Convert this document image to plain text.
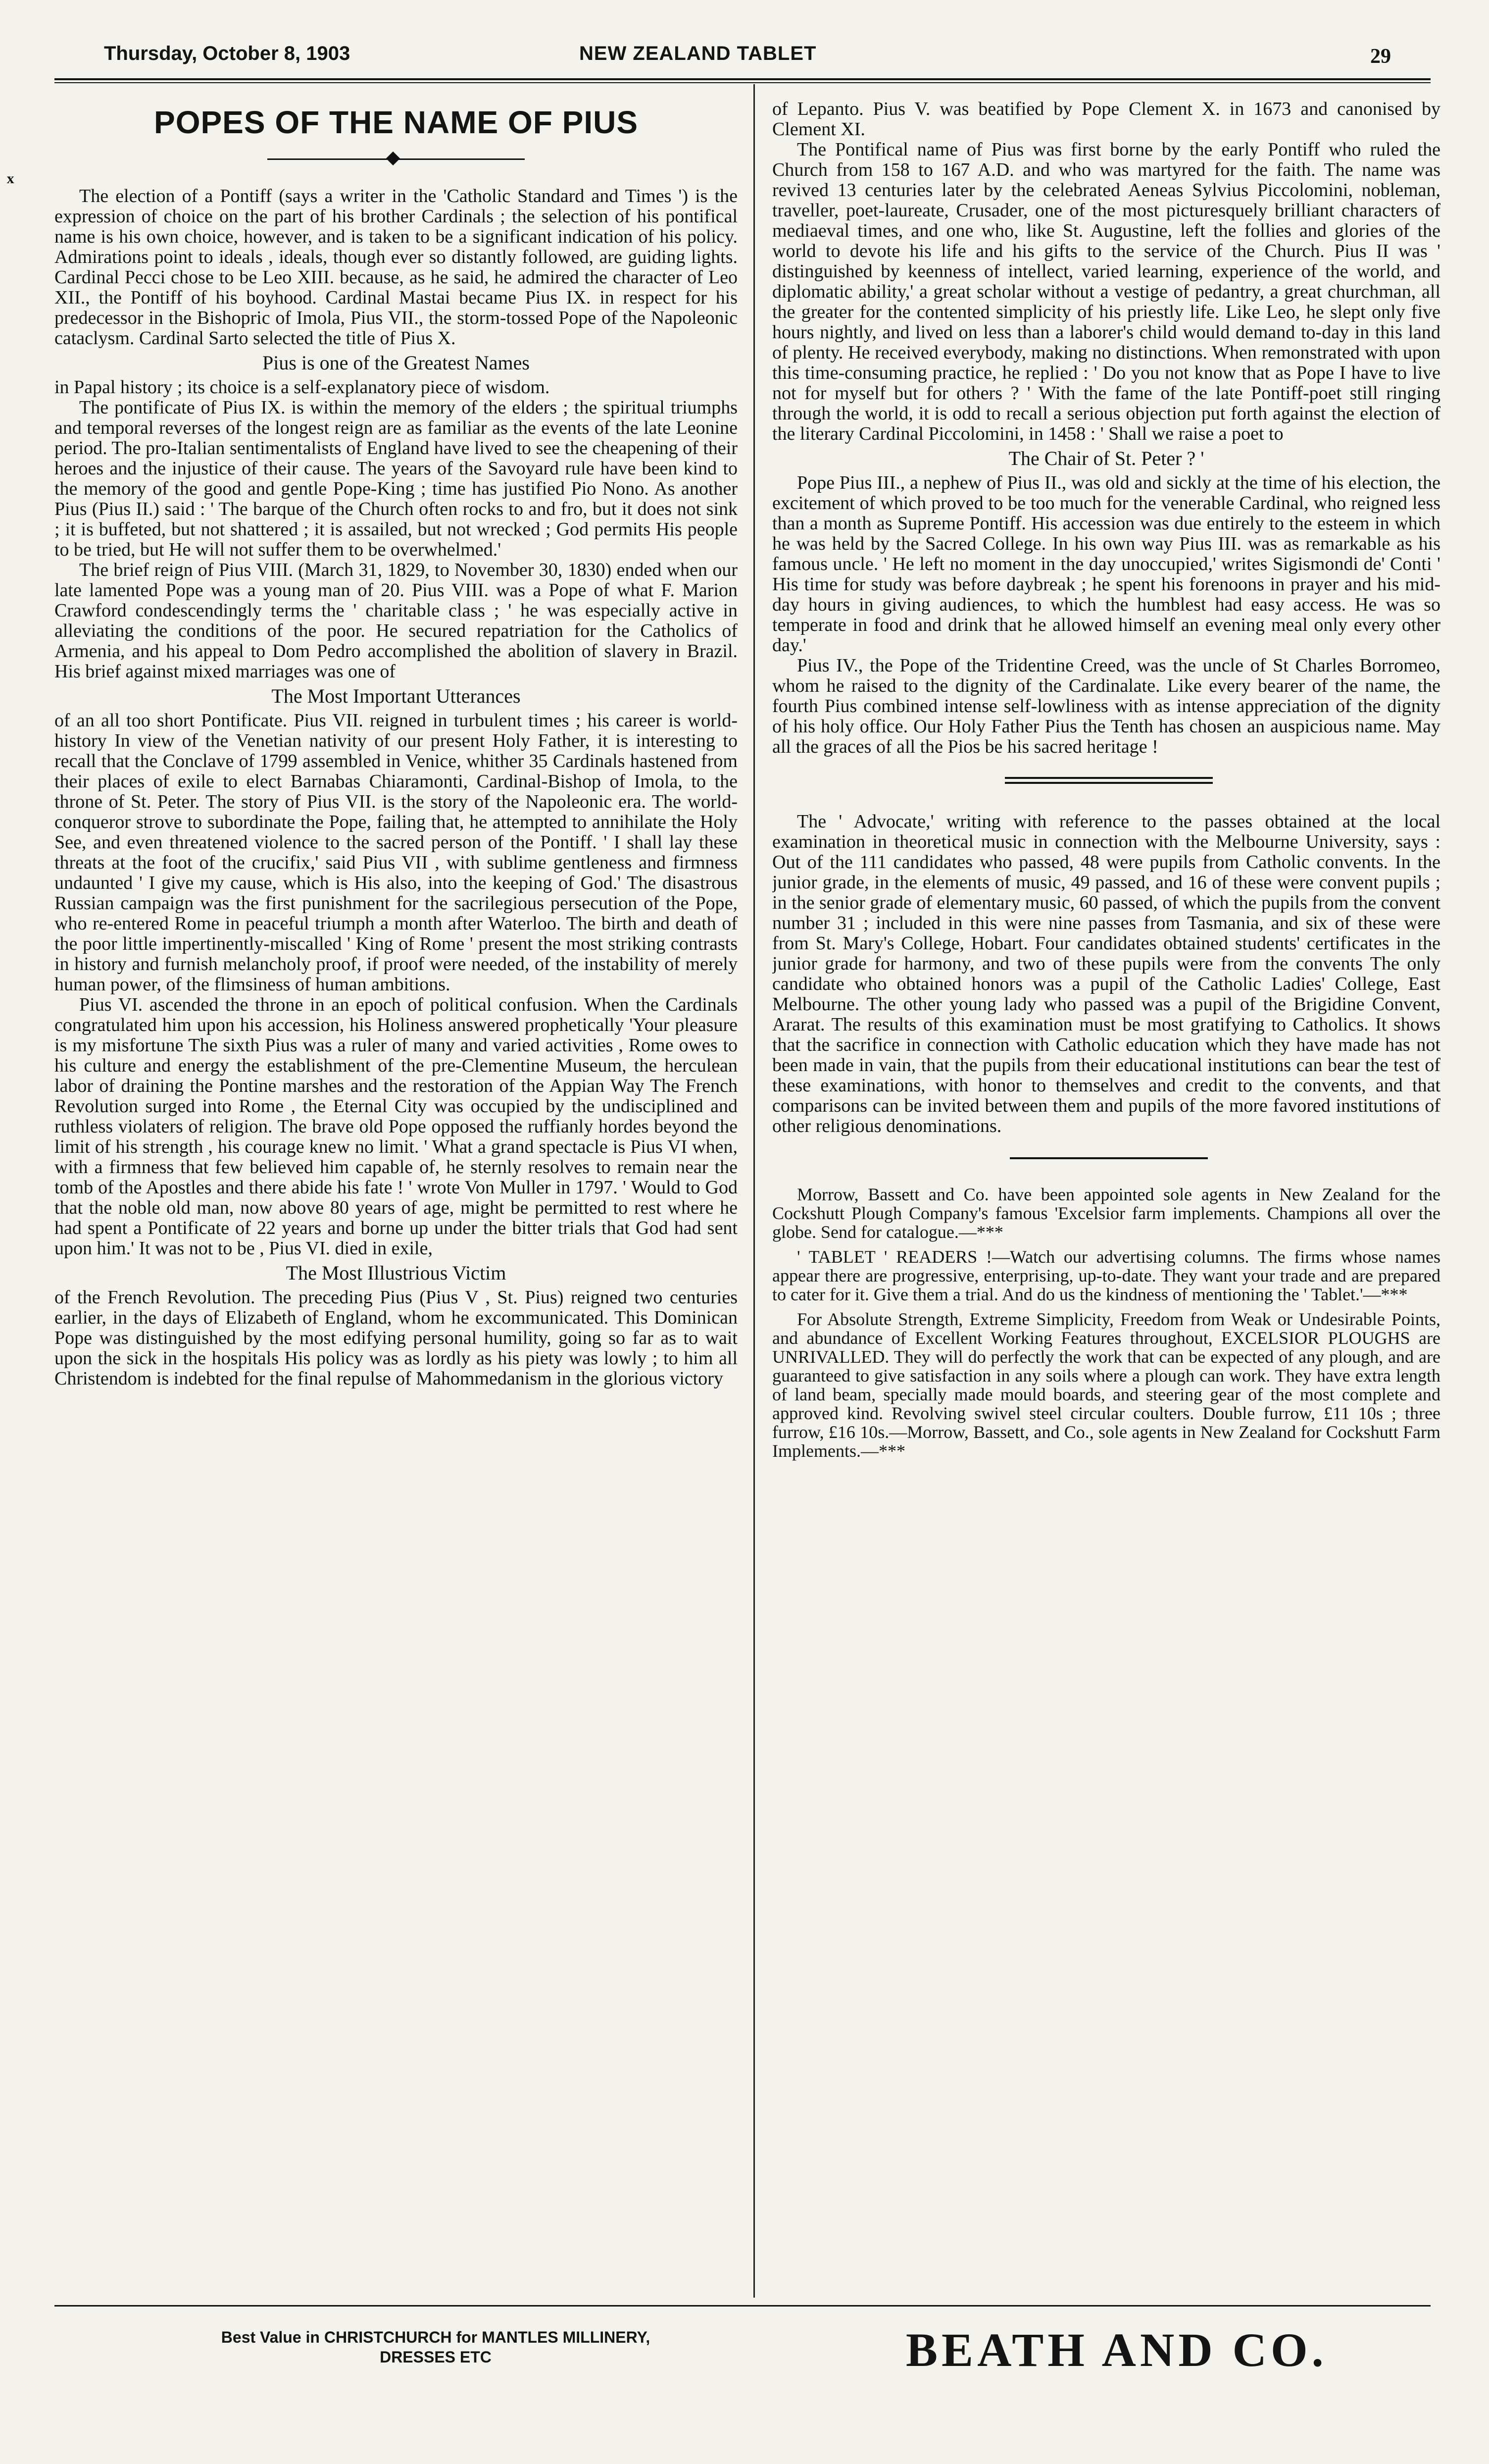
Thursday, October 8, 1903	NEW ZEALAND TABLET	29
ˣ
POPES OF THE NAME OF PIUS

The election of a Pontiff (says a writer in the 'Catholic Standard and Times ') is the expression of choice on the part of his brother Cardinals ; the selection of his pontifical name is his own choice, however, and is taken to be a significant indication of his policy. Admirations point to ideals , ideals, though ever so distantly followed, are guiding lights. Cardinal Pecci chose to be Leo XIII. because, as he said, he admired the character of Leo XII., the Pontiff of his boyhood. Cardinal Mastai became Pius IX. in respect for his predecessor in the Bishopric of Imola, Pius VII., the storm-tossed Pope of the Napoleonic cataclysm. Cardinal Sarto selected the title of Pius X.

Pius is one of the Greatest Names

in Papal history ; its choice is a self-explanatory piece of wisdom.

The pontificate of Pius IX. is within the memory of the elders ; the spiritual triumphs and temporal reverses of the longest reign are as familiar as the events of the late Leonine period. The pro-Italian sentimentalists of England have lived to see the cheapening of their heroes and the injustice of their cause. The years of the Savoyard rule have been kind to the memory of the good and gentle Pope-King ; time has justified Pio Nono. As another Pius (Pius II.) said : ' The barque of the Church often rocks to and fro, but it does not sink ; it is buffeted, but not shattered ; it is assailed, but not wrecked ; God permits His people to be tried, but He will not suffer them to be overwhelmed.'

The brief reign of Pius VIII. (March 31, 1829, to November 30, 1830) ended when our late lamented Pope was a young man of 20. Pius VIII. was a Pope of what F. Marion Crawford condescendingly terms the ' charitable class ; ' he was especially active in alleviating the conditions of the poor. He secured repatriation for the Catholics of Armenia, and his appeal to Dom Pedro accomplished the abolition of slavery in Brazil. His brief against mixed marriages was one of

The Most Important Utterances

of an all too short Pontificate. Pius VII. reigned in turbulent times ; his career is world-history In view of the Venetian nativity of our present Holy Father, it is interesting to recall that the Conclave of 1799 assembled in Venice, whither 35 Cardinals hastened from their places of exile to elect Barnabas Chiaramonti, Cardinal-Bishop of Imola, to the throne of St. Peter. The story of Pius VII. is the story of the Napoleonic era. The world-conqueror strove to subordinate the Pope, failing that, he attempted to annihilate the Holy See, and even threatened violence to the sacred person of the Pontiff. ' I shall lay these threats at the foot of the crucifix,' said Pius VII , with sublime gentleness and firmness undaunted ' I give my cause, which is His also, into the keeping of God.' The disastrous Russian campaign was the first punishment for the sacrilegious persecution of the Pope, who re-entered Rome in peaceful triumph a month after Waterloo. The birth and death of the poor little impertinently-miscalled ' King of Rome ' present the most striking contrasts in history and furnish melancholy proof, if proof were needed, of the instability of merely human power, of the flimsiness of human ambitions.

Pius VI. ascended the throne in an epoch of political confusion. When the Cardinals congratulated him upon his accession, his Holiness answered prophetically 'Your pleasure is my misfortune The sixth Pius was a ruler of many and varied activities , Rome owes to his culture and energy the establishment of the pre-Clementine Museum, the herculean labor of draining the Pontine marshes and the restoration of the Appian Way The French Revolution surged into Rome , the Eternal City was occupied by the undisciplined and ruthless violaters of religion. The brave old Pope opposed the ruffianly hordes beyond the limit of his strength , his courage knew no limit. ' What a grand spectacle is Pius VI when, with a firmness that few believed him capable of, he sternly resolves to remain near the tomb of the Apostles and there abide his fate ! ' wrote Von Muller in 1797. ' Would to God that the noble old man, now above 80 years of age, might be permitted to rest where he had spent a Pontificate of 22 years and borne up under the bitter trials that God had sent upon him.' It was not to be , Pius VI. died in exile,

The Most Illustrious Victim

of the French Revolution. The preceding Pius (Pius V , St. Pius) reigned two centuries earlier, in the days of Elizabeth of England, whom he excommunicated. This Dominican Pope was distinguished by the most edifying personal humility, going so far as to wait upon the sick in the hospitals His policy was as lordly as his piety was lowly ; to him all Christendom is indebted for the final repulse of Mahommedanism in the glorious victory

of Lepanto. Pius V. was beatified by Pope Clement X. in 1673 and canonised by Clement XI.

The Pontifical name of Pius was first borne by the early Pontiff who ruled the Church from 158 to 167 A.D. and who was martyred for the faith. The name was revived 13 centuries later by the celebrated Aeneas Sylvius Piccolomini, nobleman, traveller, poet-laureate, Crusader, one of the most picturesquely brilliant characters of mediaeval times, and one who, like St. Augustine, left the follies and glories of the world to devote his life and his gifts to the service of the Church. Pius II was ' distinguished by keenness of intellect, varied learning, experience of the world, and diplomatic ability,' a great scholar without a vestige of pedantry, a great churchman, all the greater for the contented simplicity of his priestly life. Like Leo, he slept only five hours nightly, and lived on less than a laborer's child would demand to-day in this land of plenty. He received everybody, making no distinctions. When remonstrated with upon this time-consuming practice, he replied : ' Do you not know that as Pope I have to live not for myself but for others ? ' With the fame of the late Pontiff-poet still ringing through the world, it is odd to recall a serious objection put forth against the election of the literary Cardinal Piccolomini, in 1458 : ' Shall we raise a poet to

The Chair of St. Peter ? '

Pope Pius III., a nephew of Pius II., was old and sickly at the time of his election, the excitement of which proved to be too much for the venerable Cardinal, who reigned less than a month as Supreme Pontiff. His accession was due entirely to the esteem in which he was held by the Sacred College. In his own way Pius III. was as remarkable as his famous uncle. ' He left no moment in the day unoccupied,' writes Sigismondi de' Conti ' His time for study was before daybreak ; he spent his forenoons in prayer and his mid-day hours in giving audiences, to which the humblest had easy access. He was so temperate in food and drink that he allowed himself an evening meal only every other day.'

Pius IV., the Pope of the Tridentine Creed, was the uncle of St Charles Borromeo, whom he raised to the dignity of the Cardinalate. Like every bearer of the name, the fourth Pius combined intense self-lowliness with as intense appreciation of the dignity of his holy office. Our Holy Father Pius the Tenth has chosen an auspicious name. May all the graces of all the Pios be his sacred heritage !

The ' Advocate,' writing with reference to the passes obtained at the local examination in theoretical music in connection with the Melbourne University, says : Out of the 111 candidates who passed, 48 were pupils from Catholic convents. In the junior grade, in the elements of music, 49 passed, and 16 of these were convent pupils ; in the senior grade of elementary music, 60 passed, of which the pupils from the convent number 31 ; included in this were nine passes from Tasmania, and six of these were from St. Mary's College, Hobart. Four candidates obtained students' certificates in the junior grade for harmony, and two of these pupils were from the convents The only candidate who obtained honors was a pupil of the Catholic Ladies' College, East Melbourne. The other young lady who passed was a pupil of the Brigidine Convent, Ararat. The results of this examination must be most gratifying to Catholics. It shows that the sacrifice in connection with Catholic education which they have made has not been made in vain, that the pupils from their educational institutions can bear the test of these examinations, with honor to themselves and credit to the convents, and that comparisons can be invited between them and pupils of the more favored institutions of other religious denominations.

Morrow, Bassett and Co. have been appointed sole agents in New Zealand for the Cockshutt Plough Company's famous 'Excelsior farm implements. Champions all over the globe. Send for catalogue.—***

' TABLET ' READERS !—Watch our advertising columns. The firms whose names appear there are progressive, enterprising, up-to-date. They want your trade and are prepared to cater for it. Give them a trial. And do us the kindness of mentioning the ' Tablet.'—***

For Absolute Strength, Extreme Simplicity, Freedom from Weak or Undesirable Points, and abundance of Excellent Working Features throughout, EXCELSIOR PLOUGHS are UNRIVALLED. They will do perfectly the work that can be expected of any plough, and are guaranteed to give satisfaction in any soils where a plough can work. They have extra length of land beam, specially made mould boards, and steering gear of the most complete and approved kind. Revolving swivel steel circular coulters. Double furrow, £11 10s ; three furrow, £16 10s.—Morrow, Bassett, and Co., sole agents in New Zealand for Cockshutt Farm Implements.—***

Best Value in CHRISTCHURCH for MANTLES MILLINERY,
DRESSES ETC	BEATH AND CO.
